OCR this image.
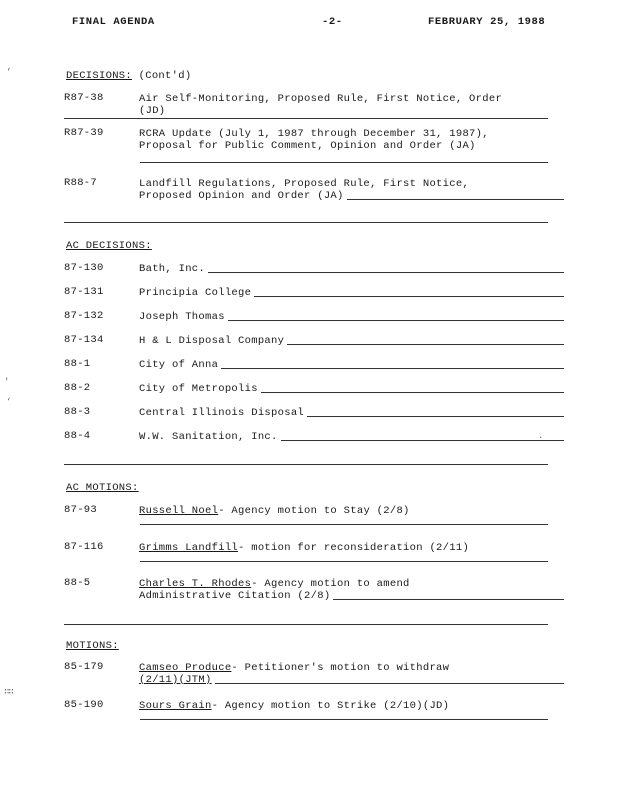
FINAL AGENDA	-2-	FEBRUARY 25, 1988
‘
'
‘
∷∷
.
DECISIONS: (Cont'd)
R87-38	Air Self-Monitoring, Proposed Rule, First Notice, Order
(JD)
R87-39	RCRA Update (July 1, 1987 through December 31, 1987),
Proposal for Public Comment, Opinion and Order (JA)
R88-7	Landfill Regulations, Proposed Rule, First Notice,
Proposed Opinion and Order (JA)
AC DECISIONS:
87-130	Bath, Inc.
87-131	Principia College
87-132	Joseph Thomas
87-134	H & L Disposal Company
88-1	City of Anna
88-2	City of Metropolis
88-3	Central Illinois Disposal
88-4	W.W. Sanitation, Inc.
AC MOTIONS:
87-93	Russell Noel - Agency motion to Stay (2/8)
87-116	Grimms Landfill - motion for reconsideration (2/11)
88-5	Charles T. Rhodes - Agency motion to amend
Administrative Citation (2/8)
MOTIONS:
85-179	Camseo Produce - Petitioner's motion to withdraw
(2/11)(JTM)
85-190	Sours Grain - Agency motion to Strike (2/10)(JD)
